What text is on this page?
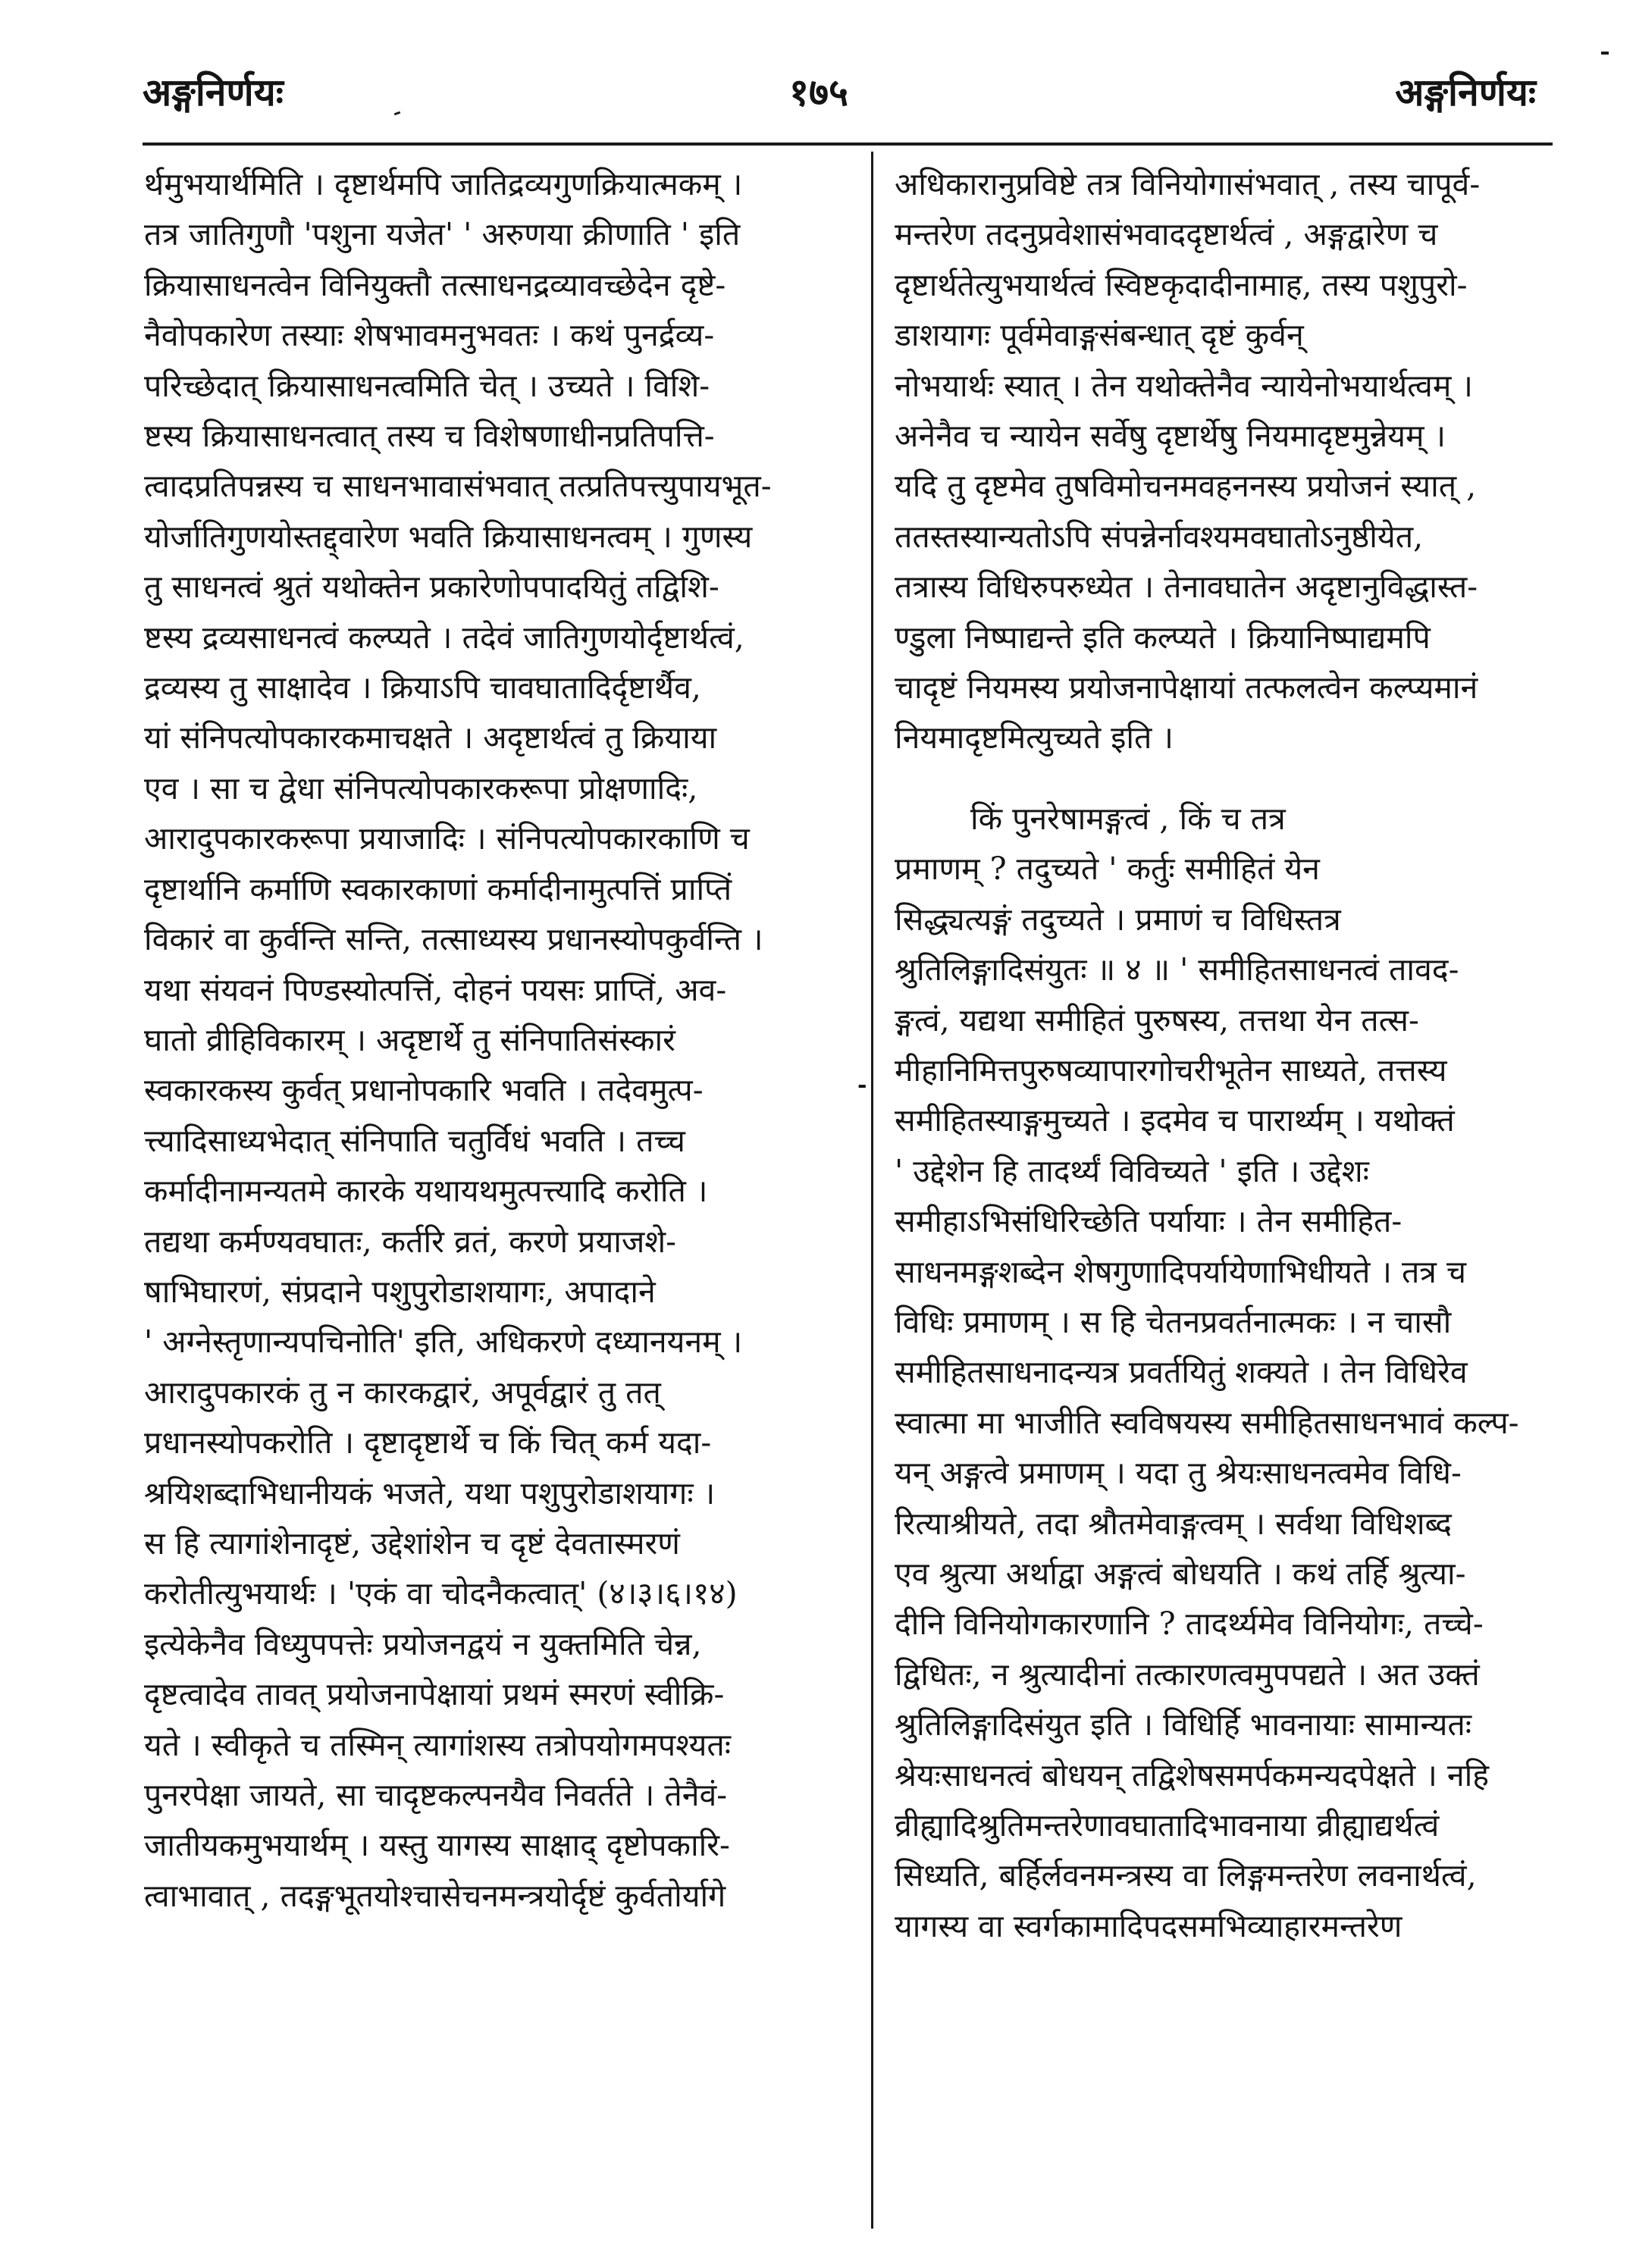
अङ्गनिर्णयः	१७५	अङ्गनिर्णयः
-
र्थमुभयार्थमिति । दृष्टार्थमपि जातिद्रव्यगुणक्रियात्मकम् ।
तत्र जातिगुणौ 'पशुना यजेत' ' अरुणया क्रीणाति ' इति
क्रियासाधनत्वेन विनियुक्तौ तत्साधनद्रव्यावच्छेदेन दृष्टे-
नैवोपकारेण तस्याः शेषभावमनुभवतः । कथं पुनर्द्रव्य-
परिच्छेदात् क्रियासाधनत्वमिति चेत् । उच्यते । विशि-
ष्टस्य क्रियासाधनत्वात् तस्य च विशेषणाधीनप्रतिपत्ति-
त्वादप्रतिपन्नस्य च साधनभावासंभवात् तत्प्रतिपत्त्युपायभूत-
योर्जातिगुणयोस्तद्द्वारेण भवति क्रियासाधनत्वम् । गुणस्य
तु साधनत्वं श्रुतं यथोक्तेन प्रकारेणोपपादयितुं तद्विशि-
ष्टस्य द्रव्यसाधनत्वं कल्प्यते । तदेवं जातिगुणयोर्दृष्टार्थत्वं,
द्रव्यस्य तु साक्षादेव । क्रियाऽपि चावघातादिर्दृष्टार्थैव,
यां संनिपत्योपकारकमाचक्षते । अदृष्टार्थत्वं तु क्रियाया
एव । सा च द्वेधा संनिपत्योपकारकरूपा प्रोक्षणादिः,
आरादुपकारकरूपा प्रयाजादिः । संनिपत्योपकारकाणि च
दृष्टार्थानि कर्माणि स्वकारकाणां कर्मादीनामुत्पत्तिं प्राप्तिं
विकारं वा कुर्वन्ति सन्ति, तत्साध्यस्य प्रधानस्योपकुर्वन्ति ।
यथा संयवनं पिण्डस्योत्पत्तिं, दोहनं पयसः प्राप्तिं, अव-
घातो व्रीहिविकारम् । अदृष्टार्थे तु संनिपातिसंस्कारं
स्वकारकस्य कुर्वत् प्रधानोपकारि भवति । तदेवमुत्प-
त्त्यादिसाध्यभेदात् संनिपाति चतुर्विधं भवति । तच्च
कर्मादीनामन्यतमे कारके यथायथमुत्पत्त्यादि करोति ।
तद्यथा कर्मण्यवघातः, कर्तरि व्रतं, करणे प्रयाजशे-
षाभिघारणं, संप्रदाने पशुपुरोडाशयागः, अपादाने
' अग्नेस्तृणान्यपचिनोति' इति, अधिकरणे दध्यानयनम् ।
आरादुपकारकं तु न कारकद्वारं, अपूर्वद्वारं तु तत्
प्रधानस्योपकरोति । दृष्टादृष्टार्थे च किं चित् कर्म यदा-
श्रयिशब्दाभिधानीयकं भजते, यथा पशुपुरोडाशयागः ।
स हि त्यागांशेनादृष्टं, उद्देशांशेन च दृष्टं देवतास्मरणं
करोतीत्युभयार्थः । 'एकं वा चोदनैकत्वात्' (४।३।६।१४)
इत्येकेनैव विध्युपपत्तेः प्रयोजनद्वयं न युक्तमिति चेन्न,
दृष्टत्वादेव तावत् प्रयोजनापेक्षायां प्रथमं स्मरणं स्वीक्रि-
यते । स्वीकृते च तस्मिन् त्यागांशस्य तत्रोपयोगमपश्यतः
पुनरपेक्षा जायते, सा चादृष्टकल्पनयैव निवर्तते । तेनैवं-
जातीयकमुभयार्थम् । यस्तु यागस्य साक्षाद् दृष्टोपकारि-
त्वाभावात् , तदङ्गभूतयोश्चासेचनमन्त्रयोर्दृष्टं कुर्वतोर्यागे
अधिकारानुप्रविष्टे तत्र विनियोगासंभवात् , तस्य चापूर्व-
मन्तरेण तदनुप्रवेशासंभवाददृष्टार्थत्वं , अङ्गद्वारेण च
दृष्टार्थतेत्युभयार्थत्वं स्विष्टकृदादीनामाह, तस्य पशुपुरो-
डाशयागः पूर्वमेवाङ्गसंबन्धात् दृष्टं कुर्वन्
नोभयार्थः स्यात् । तेन यथोक्तेनैव न्यायेनोभयार्थत्वम् ।
अनेनैव च न्यायेन सर्वेषु दृष्टार्थेषु नियमादृष्टमुन्नेयम् ।
यदि तु दृष्टमेव तुषविमोचनमवहननस्य प्रयोजनं स्यात् ,
ततस्तस्यान्यतोऽपि संपन्नेर्नावश्यमवघातोऽनुष्ठीयेत,
तत्रास्य विधिरुपरुध्येत । तेनावघातेन अदृष्टानुविद्धास्त-
ण्डुला निष्पाद्यन्ते इति कल्प्यते । क्रियानिष्पाद्यमपि
चादृष्टं नियमस्य प्रयोजनापेक्षायां तत्फलत्वेन कल्प्यमानं
नियमादृष्टमित्युच्यते इति ।
किं पुनरेषामङ्गत्वं , किं च तत्र
प्रमाणम् ? तदुच्यते ' कर्तुः समीहितं येन
सिद्ध्यत्यङ्गं तदुच्यते । प्रमाणं च विधिस्तत्र
श्रुतिलिङ्गादिसंयुतः ॥ ४ ॥ ' समीहितसाधनत्वं तावद-
ङ्गत्वं, यद्यथा समीहितं पुरुषस्य, तत्तथा येन तत्स-
मीहानिमित्तपुरुषव्यापारगोचरीभूतेन साध्यते, तत्तस्य
समीहितस्याङ्गमुच्यते । इदमेव च पारार्थ्यम् । यथोक्तं
' उद्देशेन हि तादर्थ्यं विविच्यते ' इति । उद्देशः
समीहाऽभिसंधिरिच्छेति पर्यायाः । तेन समीहित-
साधनमङ्गशब्देन शेषगुणादिपर्यायेणाभिधीयते । तत्र च
विधिः प्रमाणम् । स हि चेतनप्रवर्तनात्मकः । न चासौ
समीहितसाधनादन्यत्र प्रवर्तयितुं शक्यते । तेन विधिरेव
स्वात्मा मा भाजीति स्वविषयस्य समीहितसाधनभावं कल्प-
यन् अङ्गत्वे प्रमाणम् । यदा तु श्रेयःसाधनत्वमेव विधि-
रित्याश्रीयते, तदा श्रौतमेवाङ्गत्वम् । सर्वथा विधिशब्द
एव श्रुत्या अर्थाद्वा अङ्गत्वं बोधयति । कथं तर्हि श्रुत्या-
दीनि विनियोगकारणानि ? तादर्थ्यमेव विनियोगः, तच्चे-
द्विधितः, न श्रुत्यादीनां तत्कारणत्वमुपपद्यते । अत उक्तं
श्रुतिलिङ्गादिसंयुत इति । विधिर्हि भावनायाः सामान्यतः
श्रेयःसाधनत्वं बोधयन् तद्विशेषसमर्पकमन्यदपेक्षते । नहि
व्रीह्यादिश्रुतिमन्तरेणावघातादिभावनाया व्रीह्याद्यर्थत्वं
सिध्यति, बर्हिर्लवनमन्त्रस्य वा लिङ्गमन्तरेण लवनार्थत्वं,
यागस्य वा स्वर्गकामादिपदसमभिव्याहारमन्तरेण
